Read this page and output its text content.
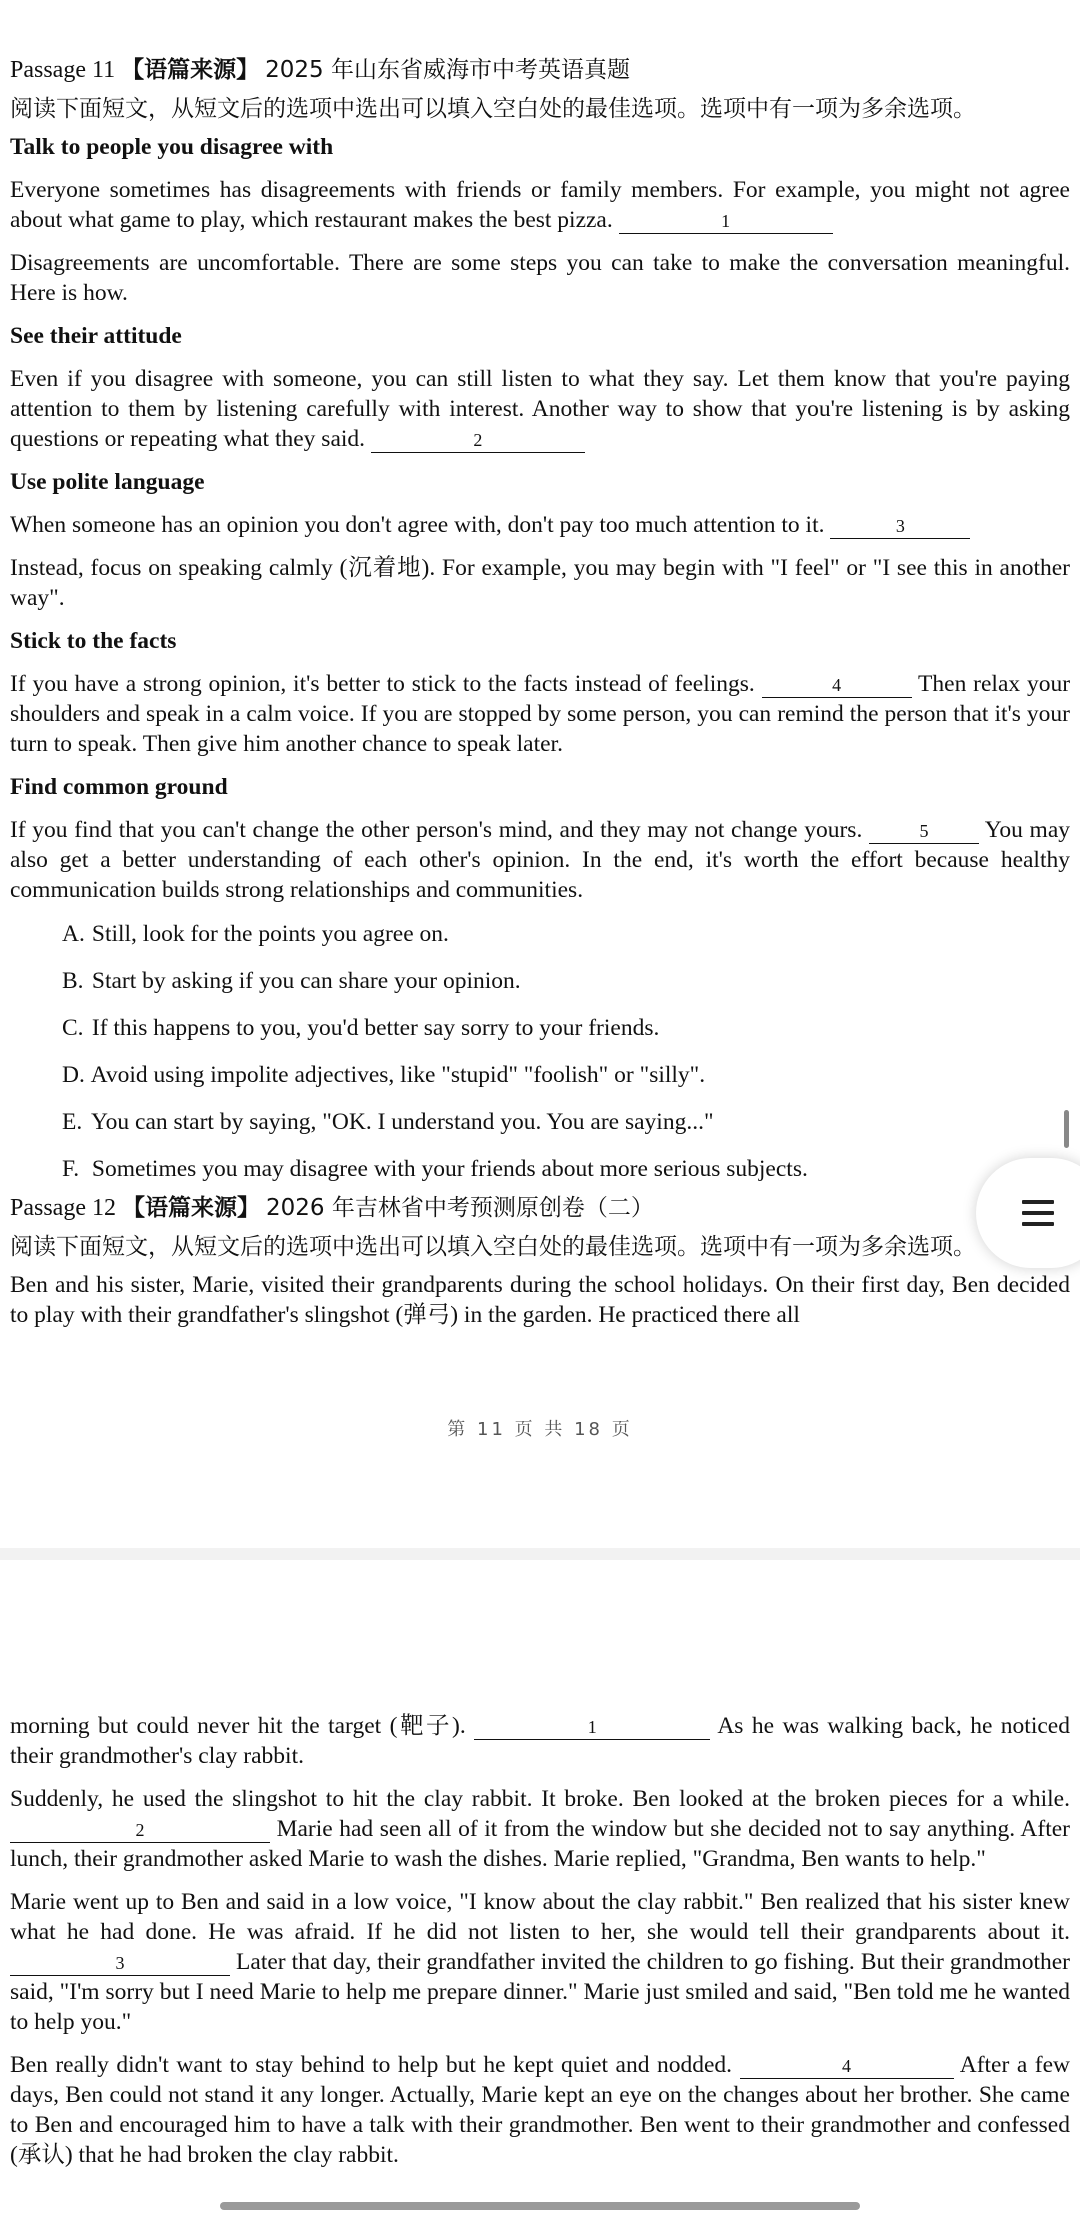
Passage 11 【语篇来源】 2025 年山东省威海市中考英语真题

阅读下面短文，从短文后的选项中选出可以填入空白处的最佳选项。选项中有一项为多余选项。

Talk to people you disagree with

Everyone sometimes has disagreements with friends or family members. For example, you might not agree about what game to play, which restaurant makes the best pizza.	1

Disagreements are uncomfortable. There are some steps you can take to make the conversation meaningful. Here is how.

See their attitude

Even if you disagree with someone, you can still listen to what they say. Let them know that you're paying attention to them by listening carefully with interest. Another way to show that you're listening is by asking questions or repeating what they said.	2

Use polite language

When someone has an opinion you don't agree with, don't pay too much attention to it.	3

Instead, focus on speaking calmly (沉着地). For example, you may begin with "I feel" or "I see this in another way".

Stick to the facts

If you have a strong opinion, it's better to stick to the facts instead of feelings.	4	Then relax your shoulders and speak in a calm voice. If you are stopped by some person, you can remind the person that it's your turn to speak. Then give him another chance to speak later.

Find common ground

If you find that you can't change the other person's mind, and they may not change yours.	5 You may also get a better understanding of each other's opinion. In the end, it's worth the effort because healthy communication builds strong relationships and communities.

A. Still, look for the points you agree on.

B. Start by asking if you can share your opinion.

C. If this happens to you, you'd better say sorry to your friends.

D. Avoid using impolite adjectives, like "stupid" "foolish" or "silly".

E. You can start by saying, "OK. I understand you. You are saying..."

F. Sometimes you may disagree with your friends about more serious subjects.

Passage 12 【语篇来源】 2026 年吉林省中考预测原创卷（二）

阅读下面短文，从短文后的选项中选出可以填入空白处的最佳选项。选项中有一项为多余选项。

Ben and his sister, Marie, visited their grandparents during the school holidays. On their first day, Ben decided to play with their grandfather's slingshot (弹弓) in the garden. He practiced there all

第 11 页 共 18 页

morning but could never hit the target (靶子).	1	As he was walking back, he noticed their grandmother's clay rabbit.

Suddenly, he used the slingshot to hit the clay rabbit. It broke. Ben looked at the broken pieces for a while. 2	Marie had seen all of it from the window but she decided not to say anything. After lunch, their grandmother asked Marie to wash the dishes. Marie replied, "Grandma, Ben wants to help."

Marie went up to Ben and said in a low voice, "I know about the clay rabbit." Ben realized that his sister knew what he had done. He was afraid. If he did not listen to her, she would tell their grandparents about it. 3	Later that day, their grandfather invited the children to go fishing. But their grandmother said, "I'm sorry but I need Marie to help me prepare dinner." Marie just smiled and said, "Ben told me he wanted to help you."

Ben really didn't want to stay behind to help but he kept quiet and nodded.	4	After a few days, Ben could not stand it any longer. Actually, Marie kept an eye on the changes about her brother. She came to Ben and encouraged him to have a talk with their grandmother. Ben went to their grandmother and confessed (承认) that he had broken the clay rabbit.
